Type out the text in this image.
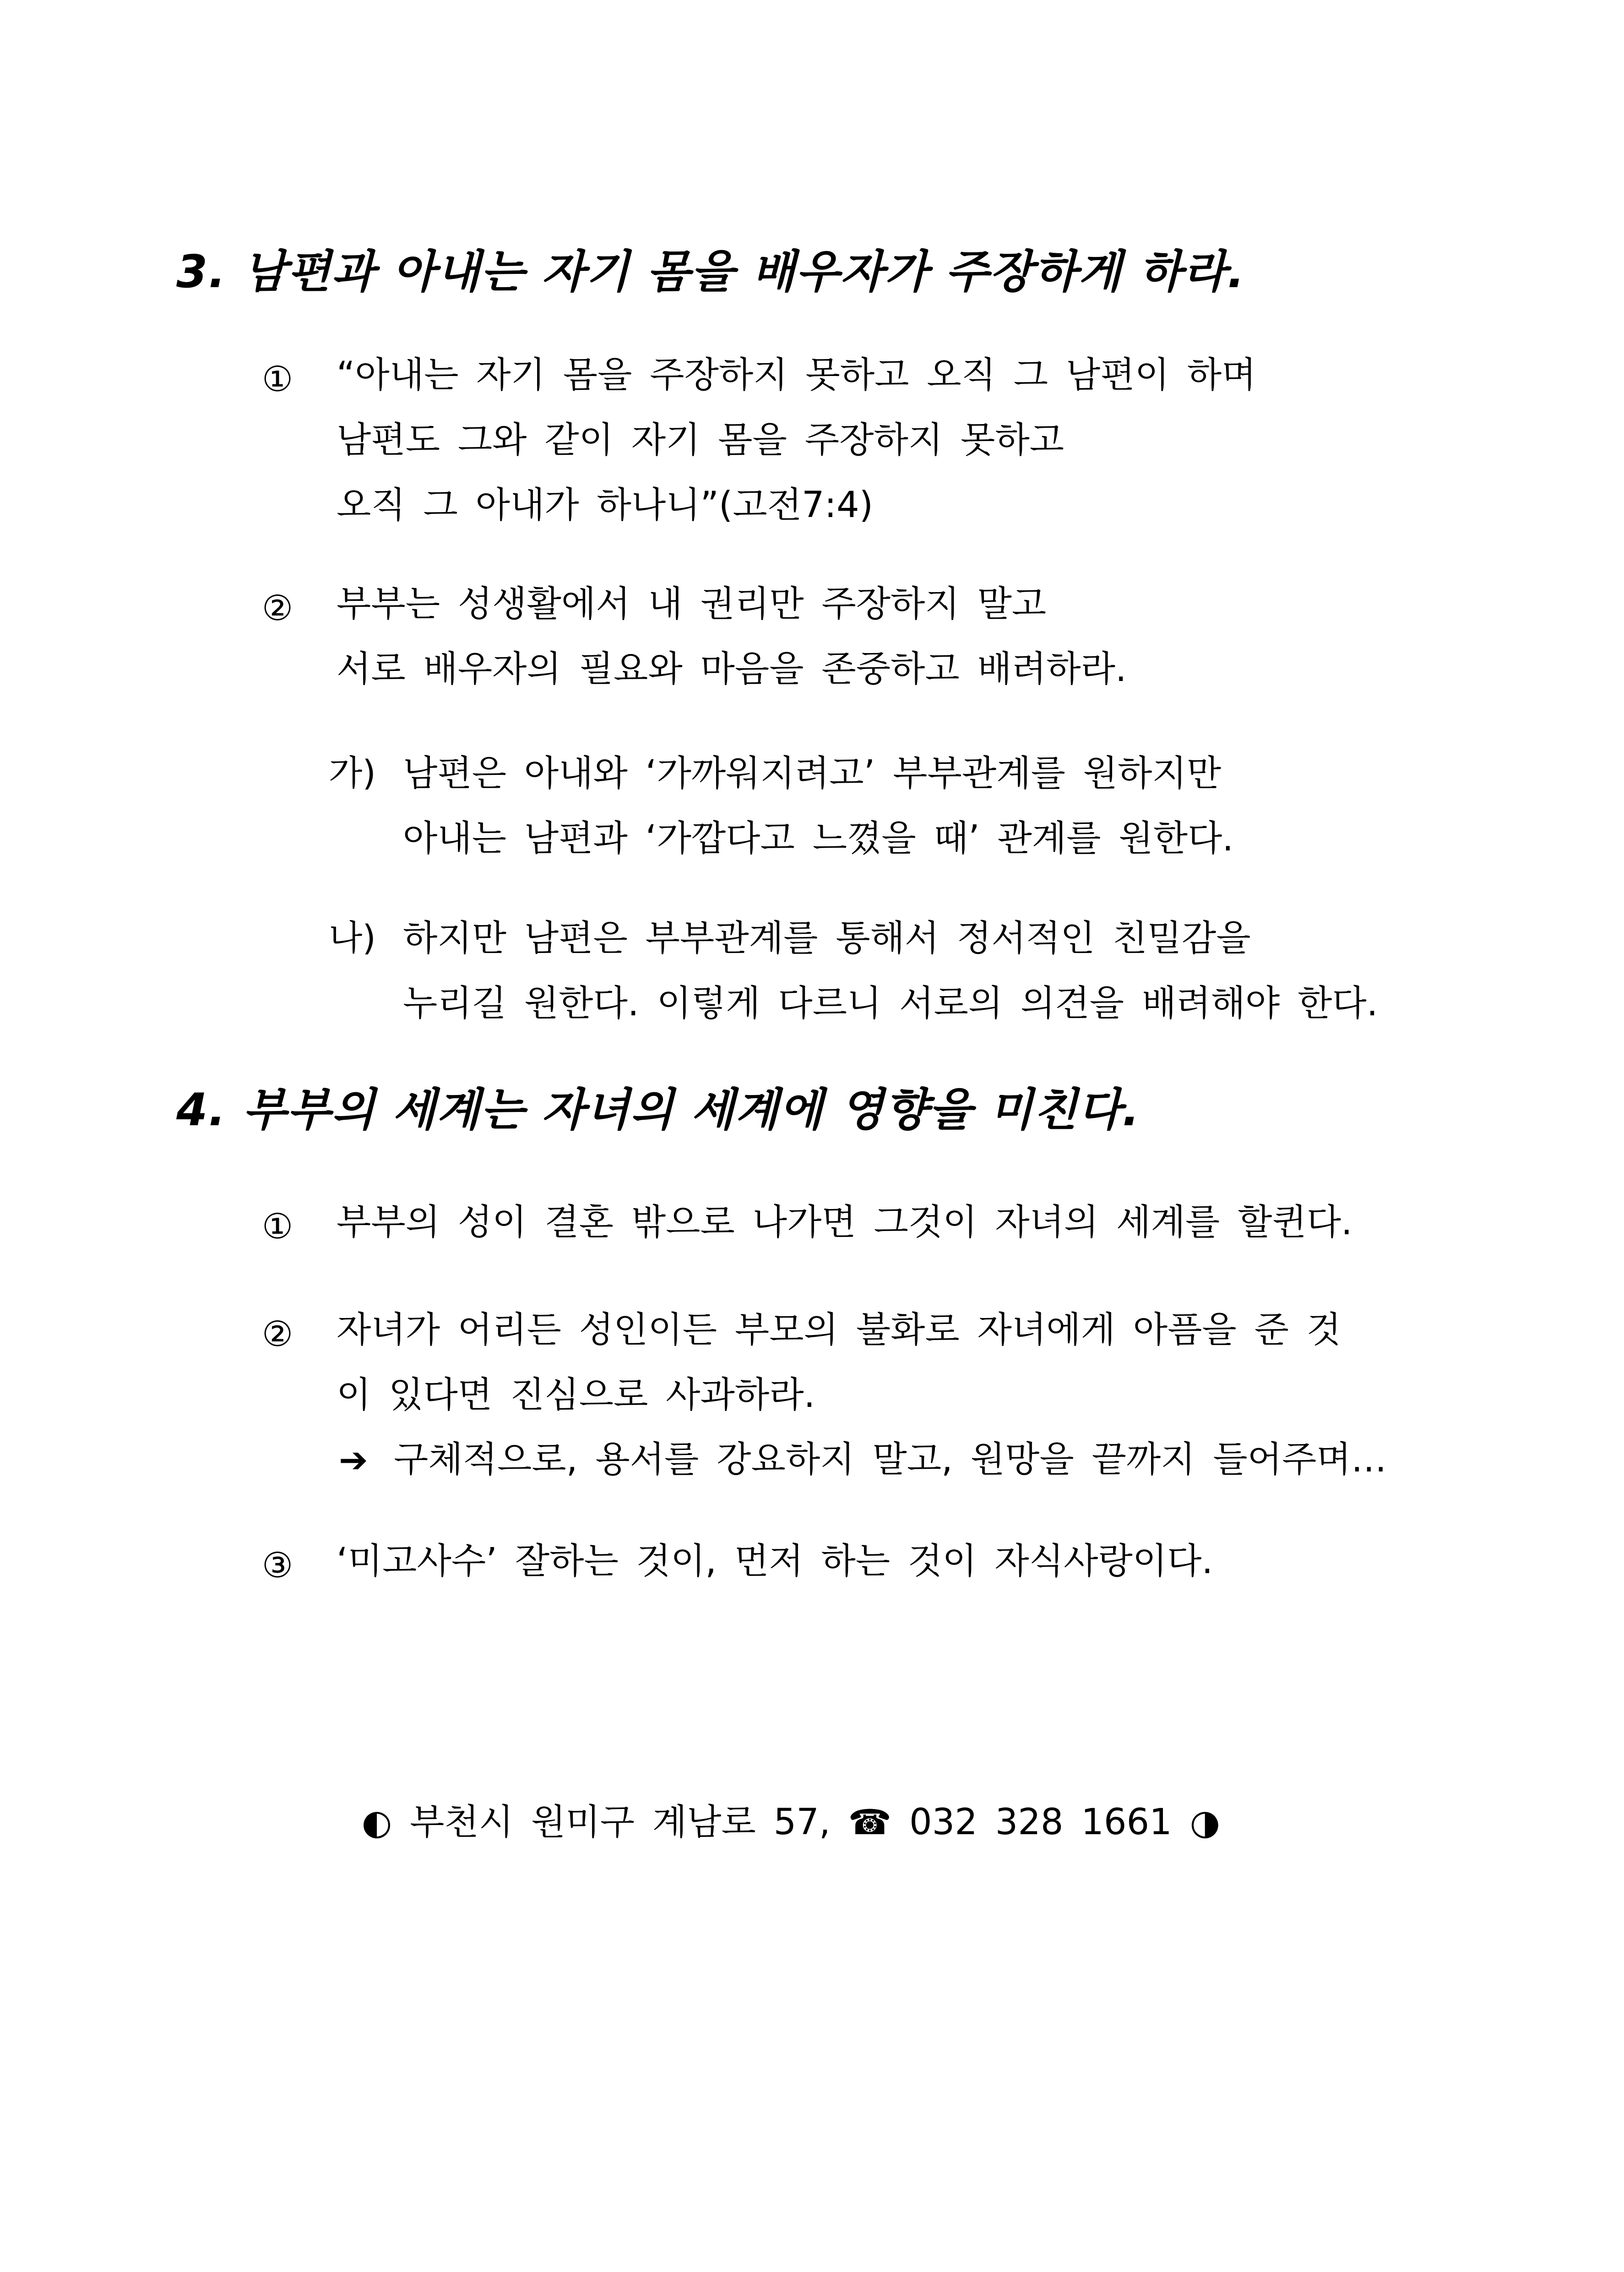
3. 남편과 아내는 자기 몸을 배우자가 주장하게 하라.
① “아내는 자기 몸을 주장하지 못하고 오직 그 남편이 하며
남편도 그와 같이 자기 몸을 주장하지 못하고
오직 그 아내가 하나니”(고전7:4)
② 부부는 성생활에서 내 권리만 주장하지 말고
서로 배우자의 필요와 마음을 존중하고 배려하라.
가) 남편은 아내와 ‘가까워지려고’ 부부관계를 원하지만
아내는 남편과 ‘가깝다고 느꼈을 때’ 관계를 원한다.
나) 하지만 남편은 부부관계를 통해서 정서적인 친밀감을
누리길 원한다. 이렇게 다르니 서로의 의견을 배려해야 한다.
4. 부부의 세계는 자녀의 세계에 영향을 미친다.
① 부부의 성이 결혼 밖으로 나가면 그것이 자녀의 세계를 할퀸다.
② 자녀가 어리든 성인이든 부모의 불화로 자녀에게 아픔을 준 것
이 있다면 진심으로 사과하라.
➔ 구체적으로, 용서를 강요하지 말고, 원망을 끝까지 들어주며…
③ ‘미고사수’ 잘하는 것이, 먼저 하는 것이 자식사랑이다.
◐ 부천시 원미구 계남로 57, ☎ 032 328 1661 ◑
